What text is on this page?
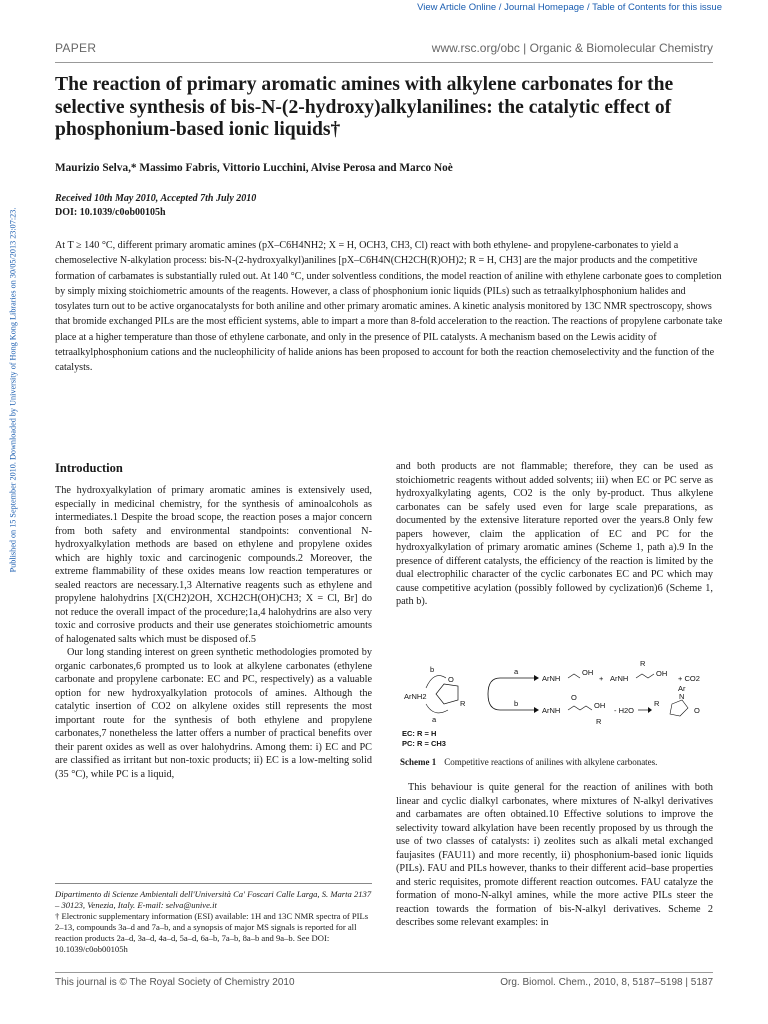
View Article Online / Journal Homepage / Table of Contents for this issue
Published on 15 September 2010. Downloaded by University of Hong Kong Libraries on 30/05/2013 23:07:23.
PAPER	www.rsc.org/obc | Organic & Biomolecular Chemistry
The reaction of primary aromatic amines with alkylene carbonates for the selective synthesis of bis-N-(2-hydroxy)alkylanilines: the catalytic effect of phosphonium-based ionic liquids†
Maurizio Selva,* Massimo Fabris, Vittorio Lucchini, Alvise Perosa and Marco Noè
Received 10th May 2010, Accepted 7th July 2010
DOI: 10.1039/c0ob00105h
At T ≥ 140 °C, different primary aromatic amines (pX–C6H4NH2; X = H, OCH3, CH3, Cl) react with both ethylene- and propylene-carbonates to yield a chemoselective N-alkylation process: bis-N-(2-hydroxyalkyl)anilines [pX–C6H4N(CH2CH(R)OH)2; R = H, CH3] are the major products and the competitive formation of carbamates is substantially ruled out. At 140 °C, under solventless conditions, the model reaction of aniline with ethylene carbonate goes to completion by simply mixing stoichiometric amounts of the reagents. However, a class of phosphonium ionic liquids (PILs) such as tetraalkylphosphonium halides and tosylates turn out to be active organocatalysts for both aniline and other primary aromatic amines. A kinetic analysis monitored by 13C NMR spectroscopy, shows that bromide exchanged PILs are the most efficient systems, able to impart a more than 8-fold acceleration to the reaction. The reactions of propylene carbonate take place at a higher temperature than those of ethylene carbonate, and only in the presence of PIL catalysts. A mechanism based on the Lewis acidity of tetraalkylphosphonium cations and the nucleophilicity of halide anions has been proposed to account for both the reaction chemoselectivity and the function of the catalysts.
Introduction

The hydroxyalkylation of primary aromatic amines is extensively used, especially in medicinal chemistry, for the synthesis of aminoalcohols as intermediates.1 Despite the broad scope, the reaction poses a major concern from both safety and environmental standpoints: conventional N-hydroxyalkylation methods are based on ethylene and propylene oxides which are highly toxic and carcinogenic compounds.2 Moreover, the extreme flammability of these oxides means low reaction temperatures or sealed reactors are necessary.1,3 Alternative reagents such as ethylene and propylene halohydrins [X(CH2)2OH, XCH2CH(OH)CH3; X = Cl, Br] do not reduce the overall impact of the procedure;1a,4 halohydrins are also very toxic and corrosive products and their use generates stoichiometric amounts of halogenated salts which must be disposed of.5

Our long standing interest on green synthetic methodologies promoted by organic carbonates,6 prompted us to look at alkylene carbonates (ethylene carbonate and propylene carbonate: EC and PC, respectively) as a valuable option for new hydroxyalkylation protocols of amines. Although the catalytic insertion of CO2 on alkylene oxides still represents the most important route for the synthesis of both ethylene and propylene carbonates,7 nonetheless the latter offers a number of practical benefits over their parent oxides as well as over halohydrins. Among them: i) EC and PC are classified as irritant but non-toxic products; ii) EC is a low-melting solid (35 °C), while PC is a liquid,

Dipartimento di Scienze Ambientali dell'Università Ca' Foscari Calle Larga, S. Marta 2137 – 30123, Venezia, Italy. E-mail: selva@unive.it
† Electronic supplementary information (ESI) available: 1H and 13C NMR spectra of PILs 2–13, compounds 3a–d and 7a–b, and a synopsis of major MS signals is reported for all reaction products 2a–d, 3a–d, 4a–d, 5a–d, 6a–b, 7a–b, 8a–b and 9a–b. See DOI: 10.1039/c0ob00105h

and both products are not flammable; therefore, they can be used as stoichiometric reagents without added solvents; iii) when EC or PC serve as hydroxyalkylating agents, CO2 is the only by-product. Thus alkylene carbonates can be safely used even for large scale preparations, as documented by the extensive literature reported over the years.8 Only few papers however, claim the application of EC and PC for the hydroxyalkylation of primary aromatic amines (Scheme 1, path a).9 In the presence of different catalysts, the efficiency of the reaction is limited by the dual electrophilic character of the cyclic carbonates EC and PC which may cause competitive acylation (possibly followed by cyclization)6 (Scheme 1, path b).

ArNH2
O
R
b
a
a
ArNH
OH
+ ArNH
R
OH
+ CO2
b
ArNH
O
OH
R
- H2O
R
Ar
N
O
EC: R = H
PC: R = CH3
Scheme 1 Competitive reactions of anilines with alkylene carbonates.

This behaviour is quite general for the reaction of anilines with both linear and cyclic dialkyl carbonates, where mixtures of N-alkyl derivatives and carbamates are often obtained.10 Effective solutions to improve the selectivity toward alkylation have been recently proposed by us through the use of two classes of catalysts: i) zeolites such as alkali metal exchanged faujasites (FAU11) and more recently, ii) phosphonium-based ionic liquids (PILs). FAU and PILs however, thanks to their different acid–base properties and steric requisites, promote different reaction outcomes. FAU catalyze the formation of mono-N-alkyl amines, while the more active PILs steer the reaction towards the formation of bis-N-alkyl derivatives. Scheme 2 describes some relevant examples: in

This journal is © The Royal Society of Chemistry 2010	Org. Biomol. Chem., 2010, 8, 5187–5198 | 5187
